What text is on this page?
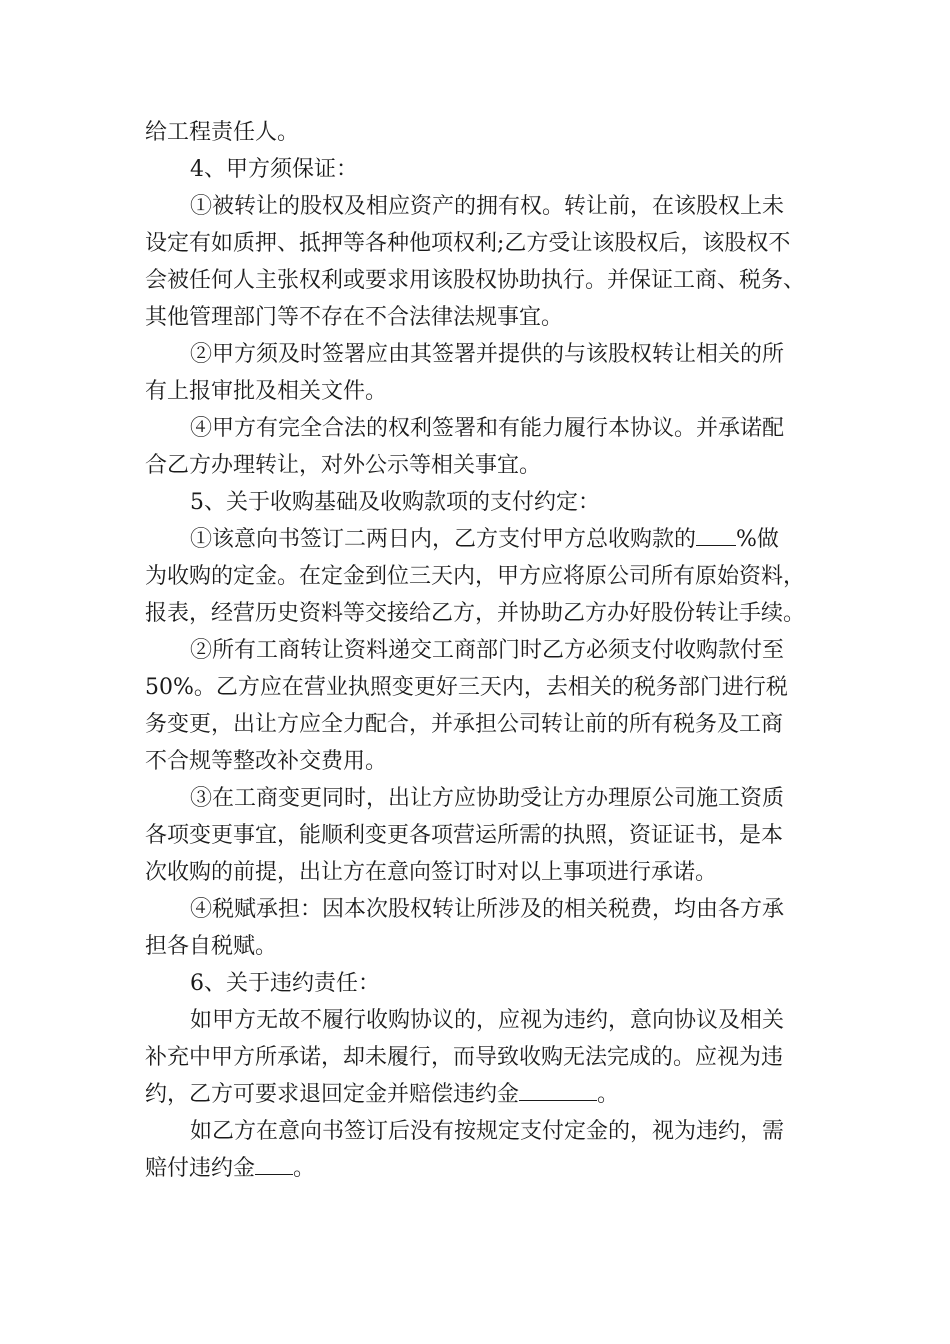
给工程责任人。

4、甲方须保证：

①被转让的股权及相应资产的拥有权。转让前，在该股权上未

设定有如质押、抵押等各种他项权利;乙方受让该股权后，该股权不

会被任何人主张权利或要求用该股权协助执行。并保证工商、税务、

其他管理部门等不存在不合法律法规事宜。

②甲方须及时签署应由其签署并提供的与该股权转让相关的所

有上报审批及相关文件。

④甲方有完全合法的权利签署和有能力履行本协议。并承诺配

合乙方办理转让，对外公示等相关事宜。

5、关于收购基础及收购款项的支付约定：

①该意向书签订二两日内，乙方支付甲方总收购款的 %做

为收购的定金。在定金到位三天内，甲方应将原公司所有原始资料，

报表，经营历史资料等交接给乙方，并协助乙方办好股份转让手续。

②所有工商转让资料递交工商部门时乙方必须支付收购款付至

50%。乙方应在营业执照变更好三天内，去相关的税务部门进行税

务变更，出让方应全力配合，并承担公司转让前的所有税务及工商

不合规等整改补交费用。

③在工商变更同时，出让方应协助受让方办理原公司施工资质

各项变更事宜，能顺利变更各项营运所需的执照，资证证书，是本

次收购的前提，出让方在意向签订时对以上事项进行承诺。

④税赋承担：因本次股权转让所涉及的相关税费，均由各方承

担各自税赋。

6、关于违约责任：

如甲方无故不履行收购协议的，应视为违约，意向协议及相关

补充中甲方所承诺，却未履行，而导致收购无法完成的。应视为违

约，乙方可要求退回定金并赔偿违约金	。

如乙方在意向书签订后没有按规定支付定金的，视为违约，需

赔付违约金 。
